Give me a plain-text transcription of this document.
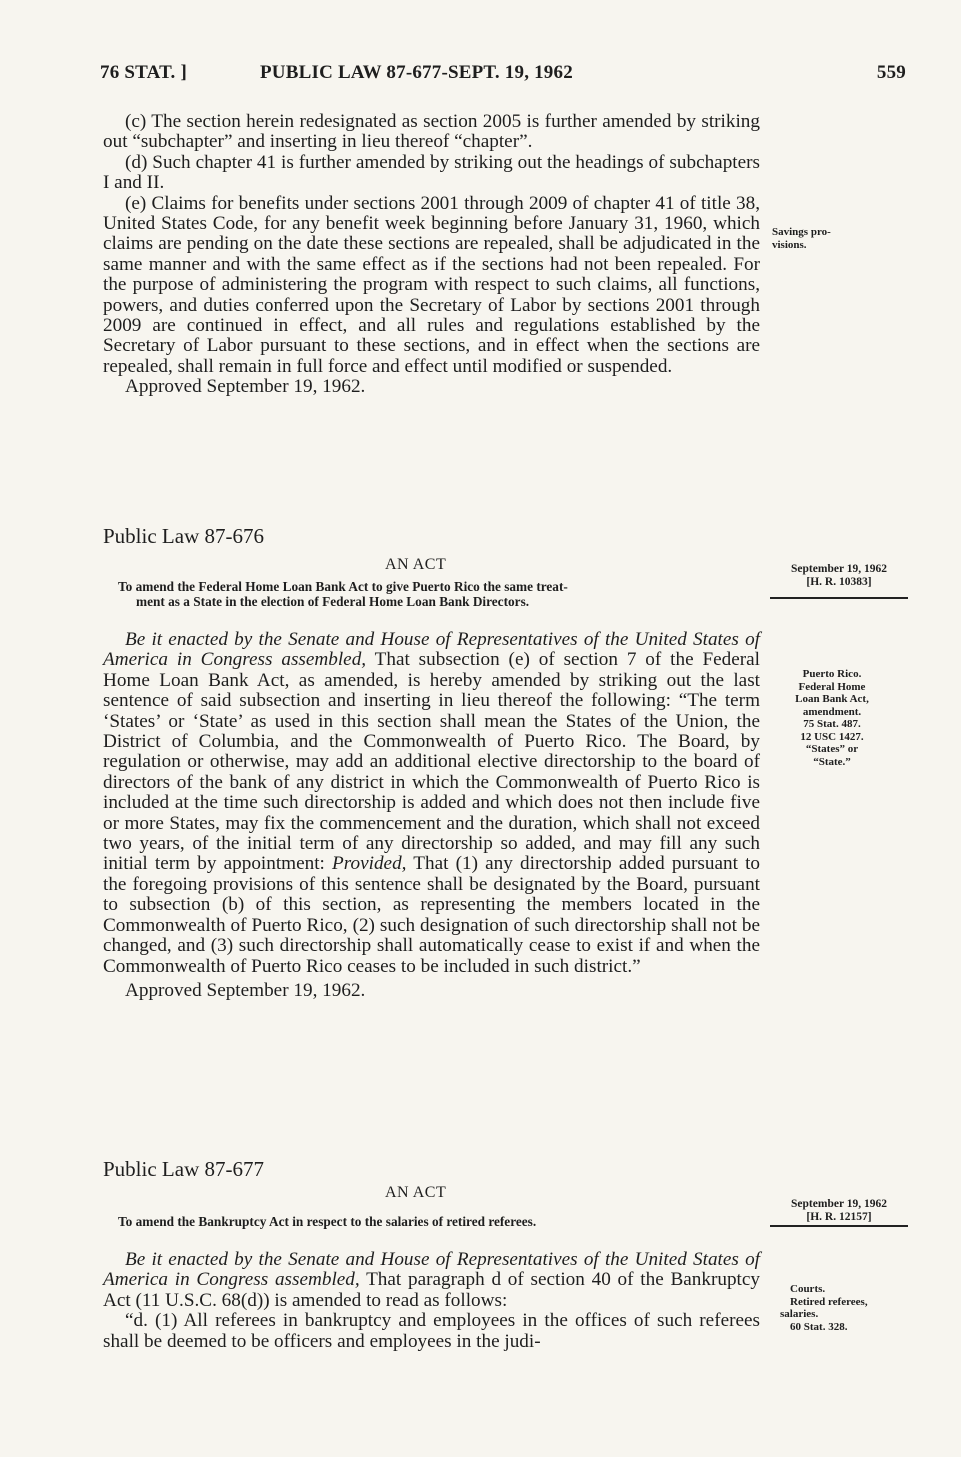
76 STAT. ]	PUBLIC LAW 87-677-SEPT. 19, 1962	559

(c) The section herein redesignated as section 2005 is further amended by striking out “subchapter” and inserting in lieu thereof “chapter”.

(d) Such chapter 41 is further amended by striking out the headings of subchapters I and II.

(e) Claims for benefits under sections 2001 through 2009 of chapter 41 of title 38, United States Code, for any benefit week beginning before January 31, 1960, which claims are pending on the date these sections are repealed, shall be adjudicated in the same manner and with the same effect as if the sections had not been repealed. For the purpose of administering the program with respect to such claims, all functions, powers, and duties conferred upon the Secretary of Labor by sections 2001 through 2009 are continued in effect, and all rules and regulations established by the Secretary of Labor pursuant to these sections, and in effect when the sections are repealed, shall remain in full force and effect until modified or suspended.

Approved September 19, 1962.

Savings pro-
visions.
Public Law 87-676
AN ACT
To amend the Federal Home Loan Bank Act to give Puerto Rico the same treat-
ment as a State in the election of Federal Home Loan Bank Directors.
September 19, 1962
[H. R. 10383]

Be it enacted by the Senate and House of Representatives of the United States of America in Congress assembled, That subsection (e) of section 7 of the Federal Home Loan Bank Act, as amended, is hereby amended by striking out the last sentence of said subsection and inserting in lieu thereof the following: “The term ‘States’ or ‘State’ as used in this section shall mean the States of the Union, the District of Columbia, and the Commonwealth of Puerto Rico. The Board, by regulation or otherwise, may add an additional elective directorship to the board of directors of the bank of any district in which the Commonwealth of Puerto Rico is included at the time such directorship is added and which does not then include five or more States, may fix the commencement and the duration, which shall not exceed two years, of the initial term of any directorship so added, and may fill any such initial term by appointment: Provided, That (1) any directorship added pursuant to the foregoing provisions of this sentence shall be designated by the Board, pursuant to subsection (b) of this section, as representing the members located in the Commonwealth of Puerto Rico, (2) such designation of such directorship shall not be changed, and (3) such directorship shall automatically cease to exist if and when the Commonwealth of Puerto Rico ceases to be included in such district.”

Approved September 19, 1962.

Puerto Rico.
Federal Home
Loan Bank Act,
amendment.
75 Stat. 487.
12 USC 1427.
“States” or
“State.”
Public Law 87-677
AN ACT
To amend the Bankruptcy Act in respect to the salaries of retired referees.
September 19, 1962
[H. R. 12157]

Be it enacted by the Senate and House of Representatives of the United States of America in Congress assembled, That paragraph d of section 40 of the Bankruptcy Act (11 U.S.C. 68(d)) is amended to read as follows:

“d. (1) All referees in bankruptcy and employees in the offices of such referees shall be deemed to be officers and employees in the judi-

Courts.
Retired referees,
salaries.
60 Stat. 328.
